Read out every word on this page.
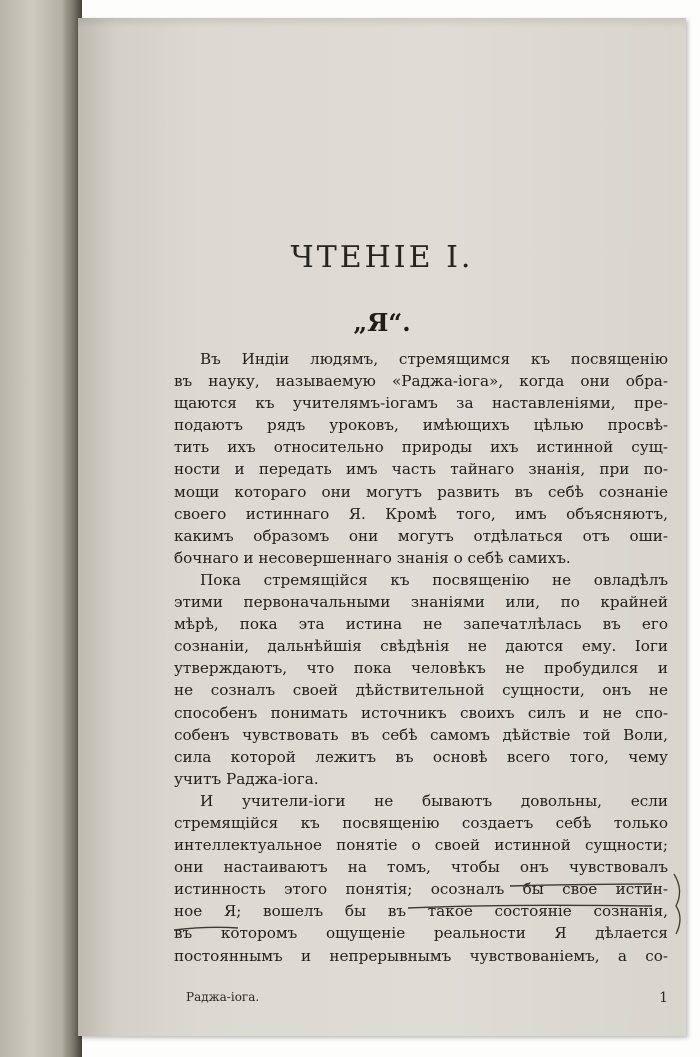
ЧТЕНІЕ I.
„Я“.
Въ Индіи людямъ, стремящимся къ посвященію
въ науку, называемую «Раджа-іога», когда они обра-
щаются къ учителямъ-іогамъ за наставленіями, пре-
подаютъ рядъ уроковъ, имѣющихъ цѣлью просвѣ-
тить ихъ относительно природы ихъ истинной сущ-
ности и передать имъ часть тайнаго знанія, при по-
мощи котораго они могутъ развить въ себѣ сознаніе
своего истиннаго Я. Кромѣ того, имъ объясняютъ,
какимъ образомъ они могутъ отдѣлаться отъ оши-
бочнаго и несовершеннаго знанія о себѣ самихъ.
Пока стремящійся къ посвященію не овладѣлъ
этими первоначальными знаніями или, по крайней
мѣрѣ, пока эта истина не запечатлѣлась въ его
сознаніи, дальнѣйшія свѣдѣнія не даются ему. Іоги
утверждаютъ, что пока человѣкъ не пробудился и
не созналъ своей дѣйствительной сущности, онъ не
способенъ понимать источникъ своихъ силъ и не спо-
собенъ чувствовать въ себѣ самомъ дѣйствіе той Воли,
сила которой лежитъ въ основѣ всего того, чему
учитъ Раджа-іога.
И учители-іоги не бываютъ довольны, если
стремящійся къ посвященію создаетъ себѣ только
интеллектуальное понятіе о своей истинной сущности;
они настаиваютъ на томъ, чтобы онъ чувствовалъ
истинность этого понятія; осозналъ бы свое истин-
ное Я; вошелъ бы въ такое состояніе сознанія,
въ которомъ ощущеніе реальности Я дѣлается
постояннымъ и непрерывнымъ чувствованіемъ, а со-
Раджа-іога.	1
